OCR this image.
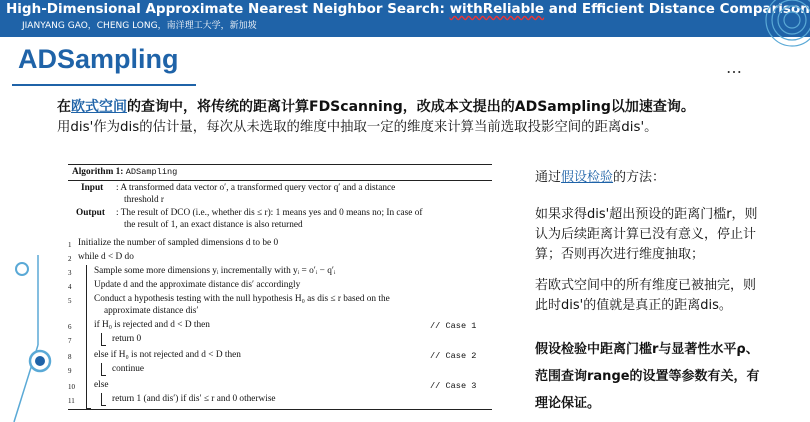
High-Dimensional Approximate Nearest Neighbor Search: withReliable and Efficient Distance Comparison
JIANYANG GAO，CHENG LONG，南洋理工大学，新加坡
ADSampling	…
在欧式空间的查询中，将传统的距离计算FDScanning，改成本文提出的ADSampling以加速查询。
用dis'作为dis的估计量，每次从未选取的维度中抽取一定的维度来计算当前选取投影空间的距离dis'。
Algorithm 1: ADSampling
Input : A transformed data vector o′, a transformed query vector q′ and a distance
threshold r
Output : The result of DCO (i.e., whether dis ≤ r): 1 means yes and 0 means no; In case of
the result of 1, an exact distance is also returned
1 Initialize the number of sampled dimensions d to be 0
2 while d < D do
3 Sample some more dimensions yᵢ incrementally with yᵢ = o′ᵢ − q′ᵢ
4 Update d and the approximate distance dis′ accordingly
5 Conduct a hypothesis testing with the null hypothesis H₀ as dis ≤ r based on the
approximate distance dis′
6 if H₀ is rejected and d < D then	// Case 1
7	return 0
8 else if H₀ is not rejected and d < D then	// Case 2
9	continue
10 else	// Case 3
11	return 1 (and dis′) if dis′ ≤ r and 0 otherwise
通过假设检验的方法：
如果求得dis'超出预设的距离门槛r，则
认为后续距离计算已没有意义，停止计
算；否则再次进行维度抽取；
若欧式空间中的所有维度已被抽完，则
此时dis'的值就是真正的距离dis。
假设检验中距离门槛r与显著性水平ρ、
范围查询range的设置等参数有关，有
理论保证。
